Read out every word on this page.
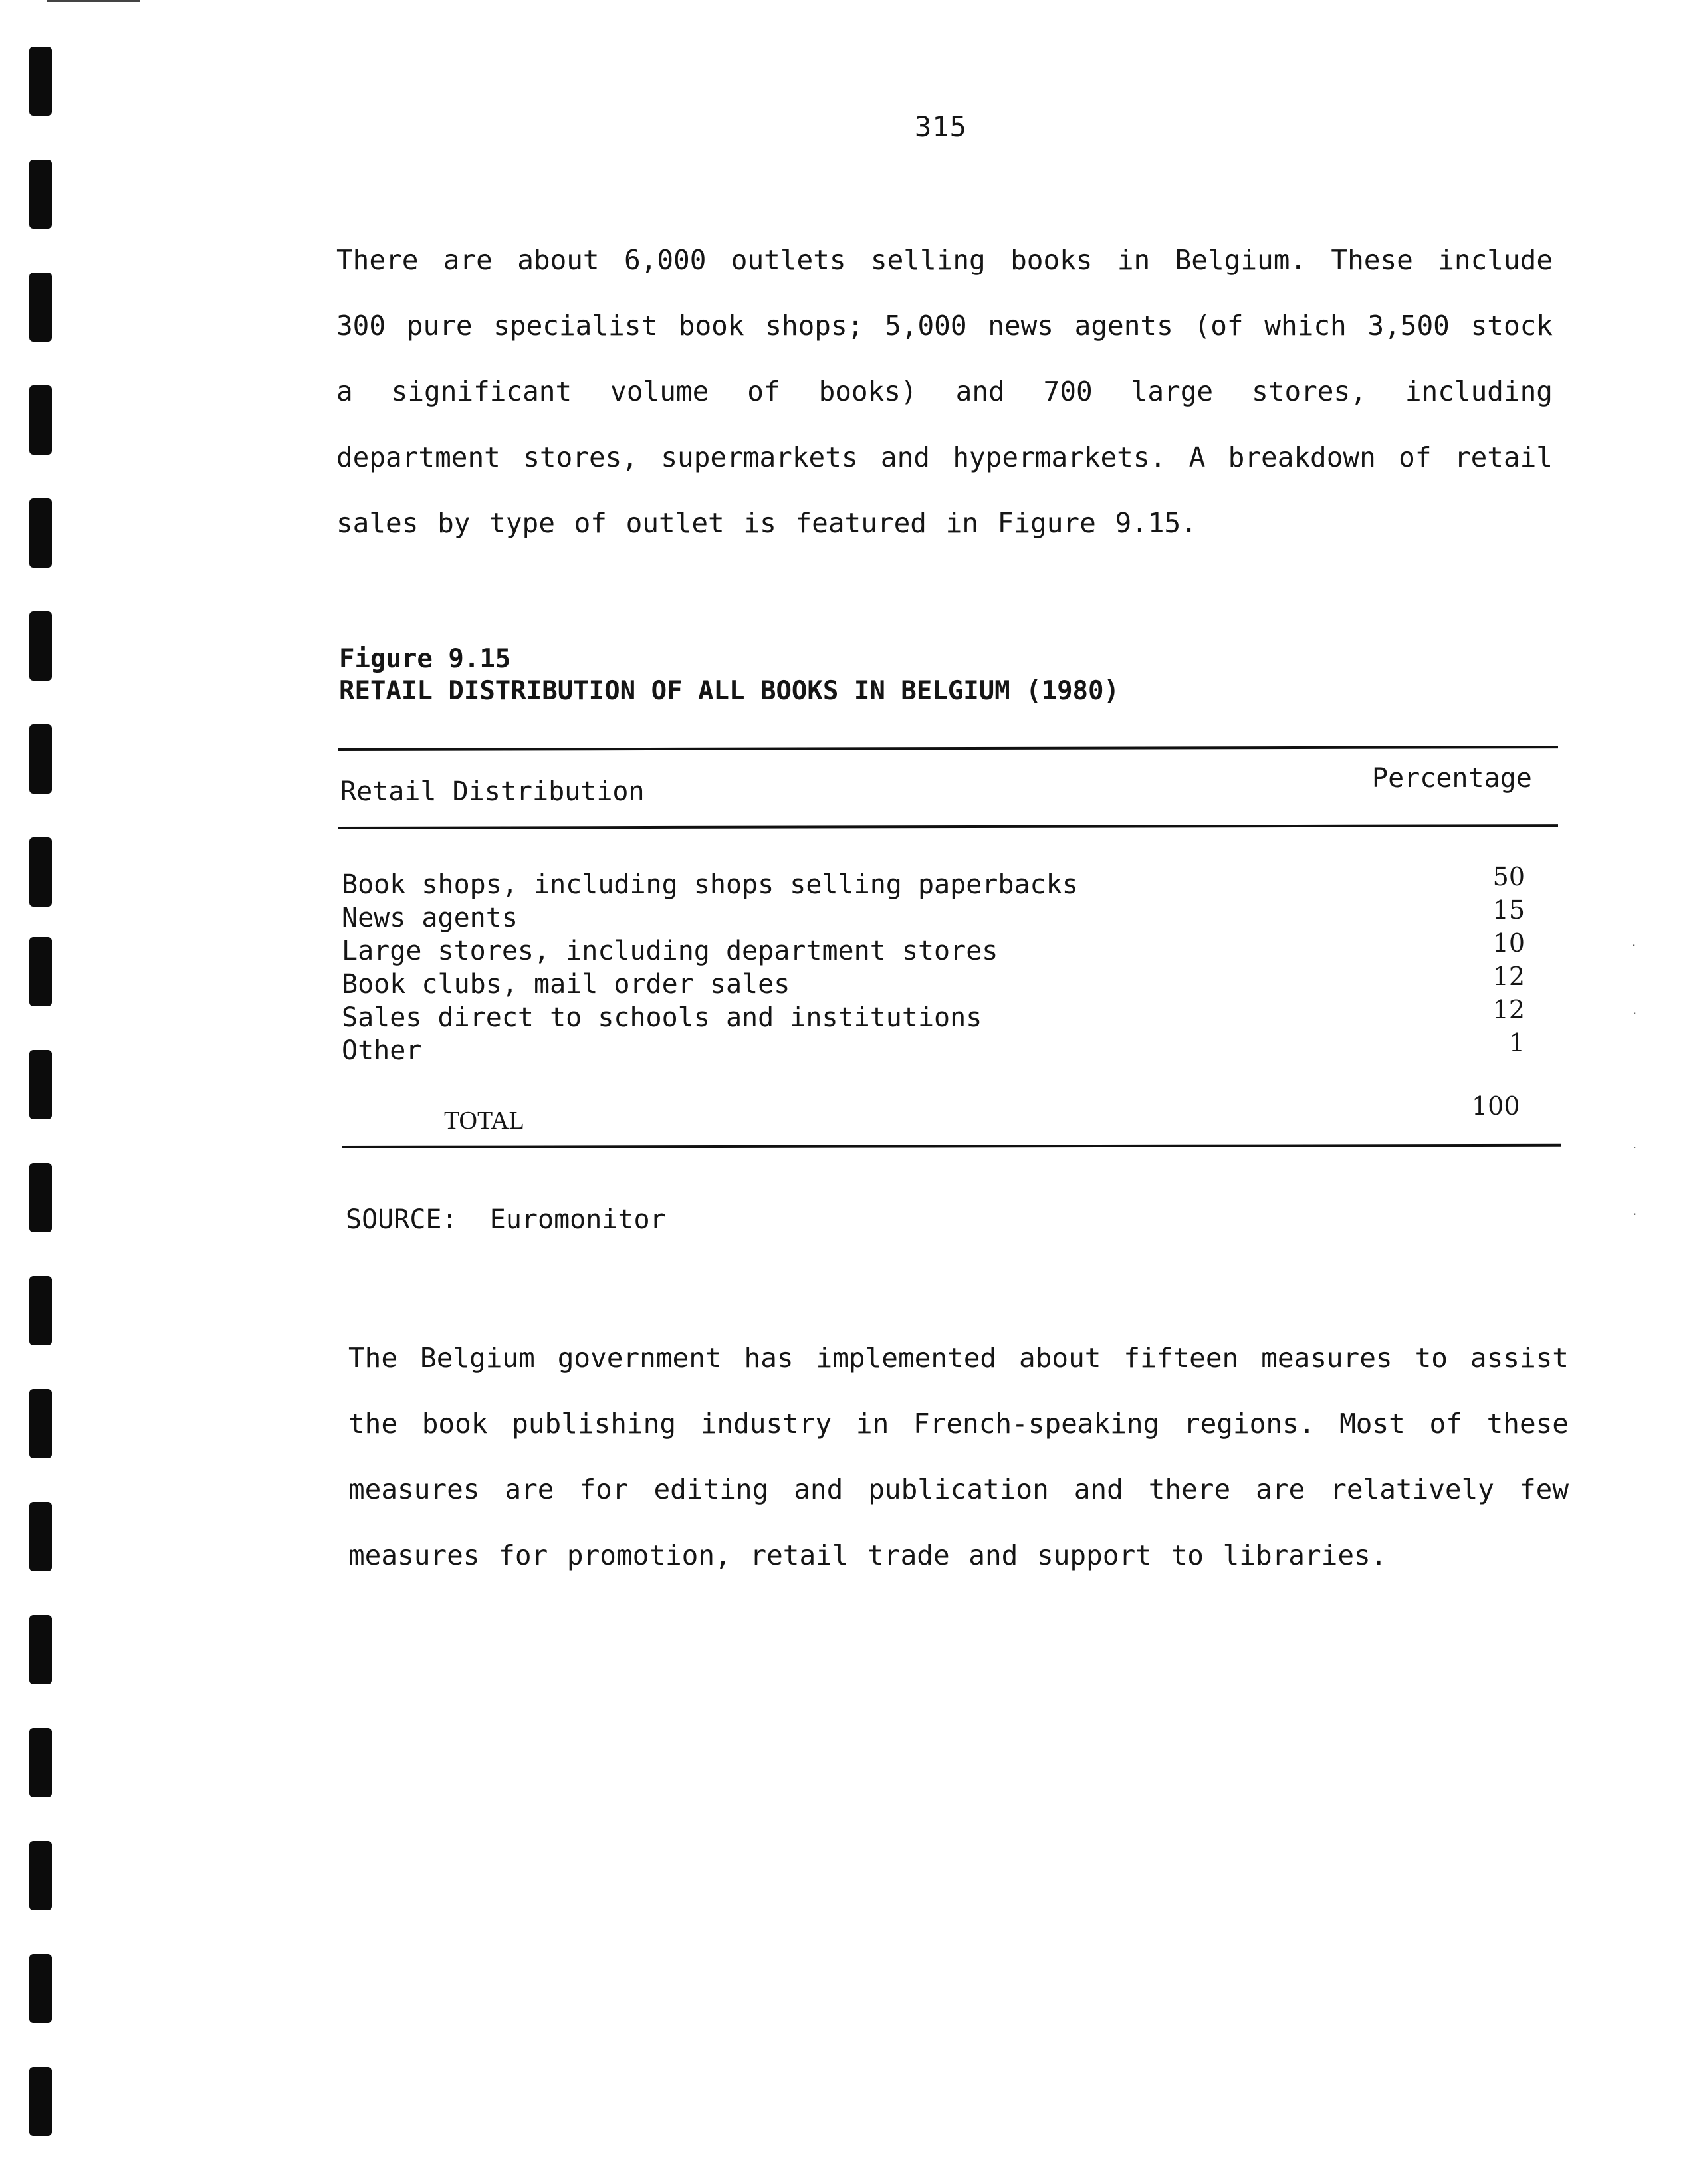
315
There are about 6,000 outlets selling books in Belgium. These include 300 pure specialist book shops; 5,000 news agents (of which 3,500 stock a significant volume of books) and 700 large stores, including department stores, supermarkets and hypermarkets. A breakdown of retail sales by type of outlet is featured in Figure 9.15.
Figure 9.15
RETAIL DISTRIBUTION OF ALL BOOKS IN BELGIUM (1980)
Retail Distribution	Percentage
Book shops, including shops selling paperbacks	50
News agents	15
Large stores, including department stores	10
Book clubs, mail order sales	12
Sales direct to schools and institutions	12
Other	1
TOTAL	100
SOURCE:  Euromonitor
The Belgium government has implemented about fifteen measures to assist the book publishing industry in French-speaking regions. Most of these measures are for editing and publication and there are relatively few measures for promotion, retail trade and support to libraries.
·
·
·
·
